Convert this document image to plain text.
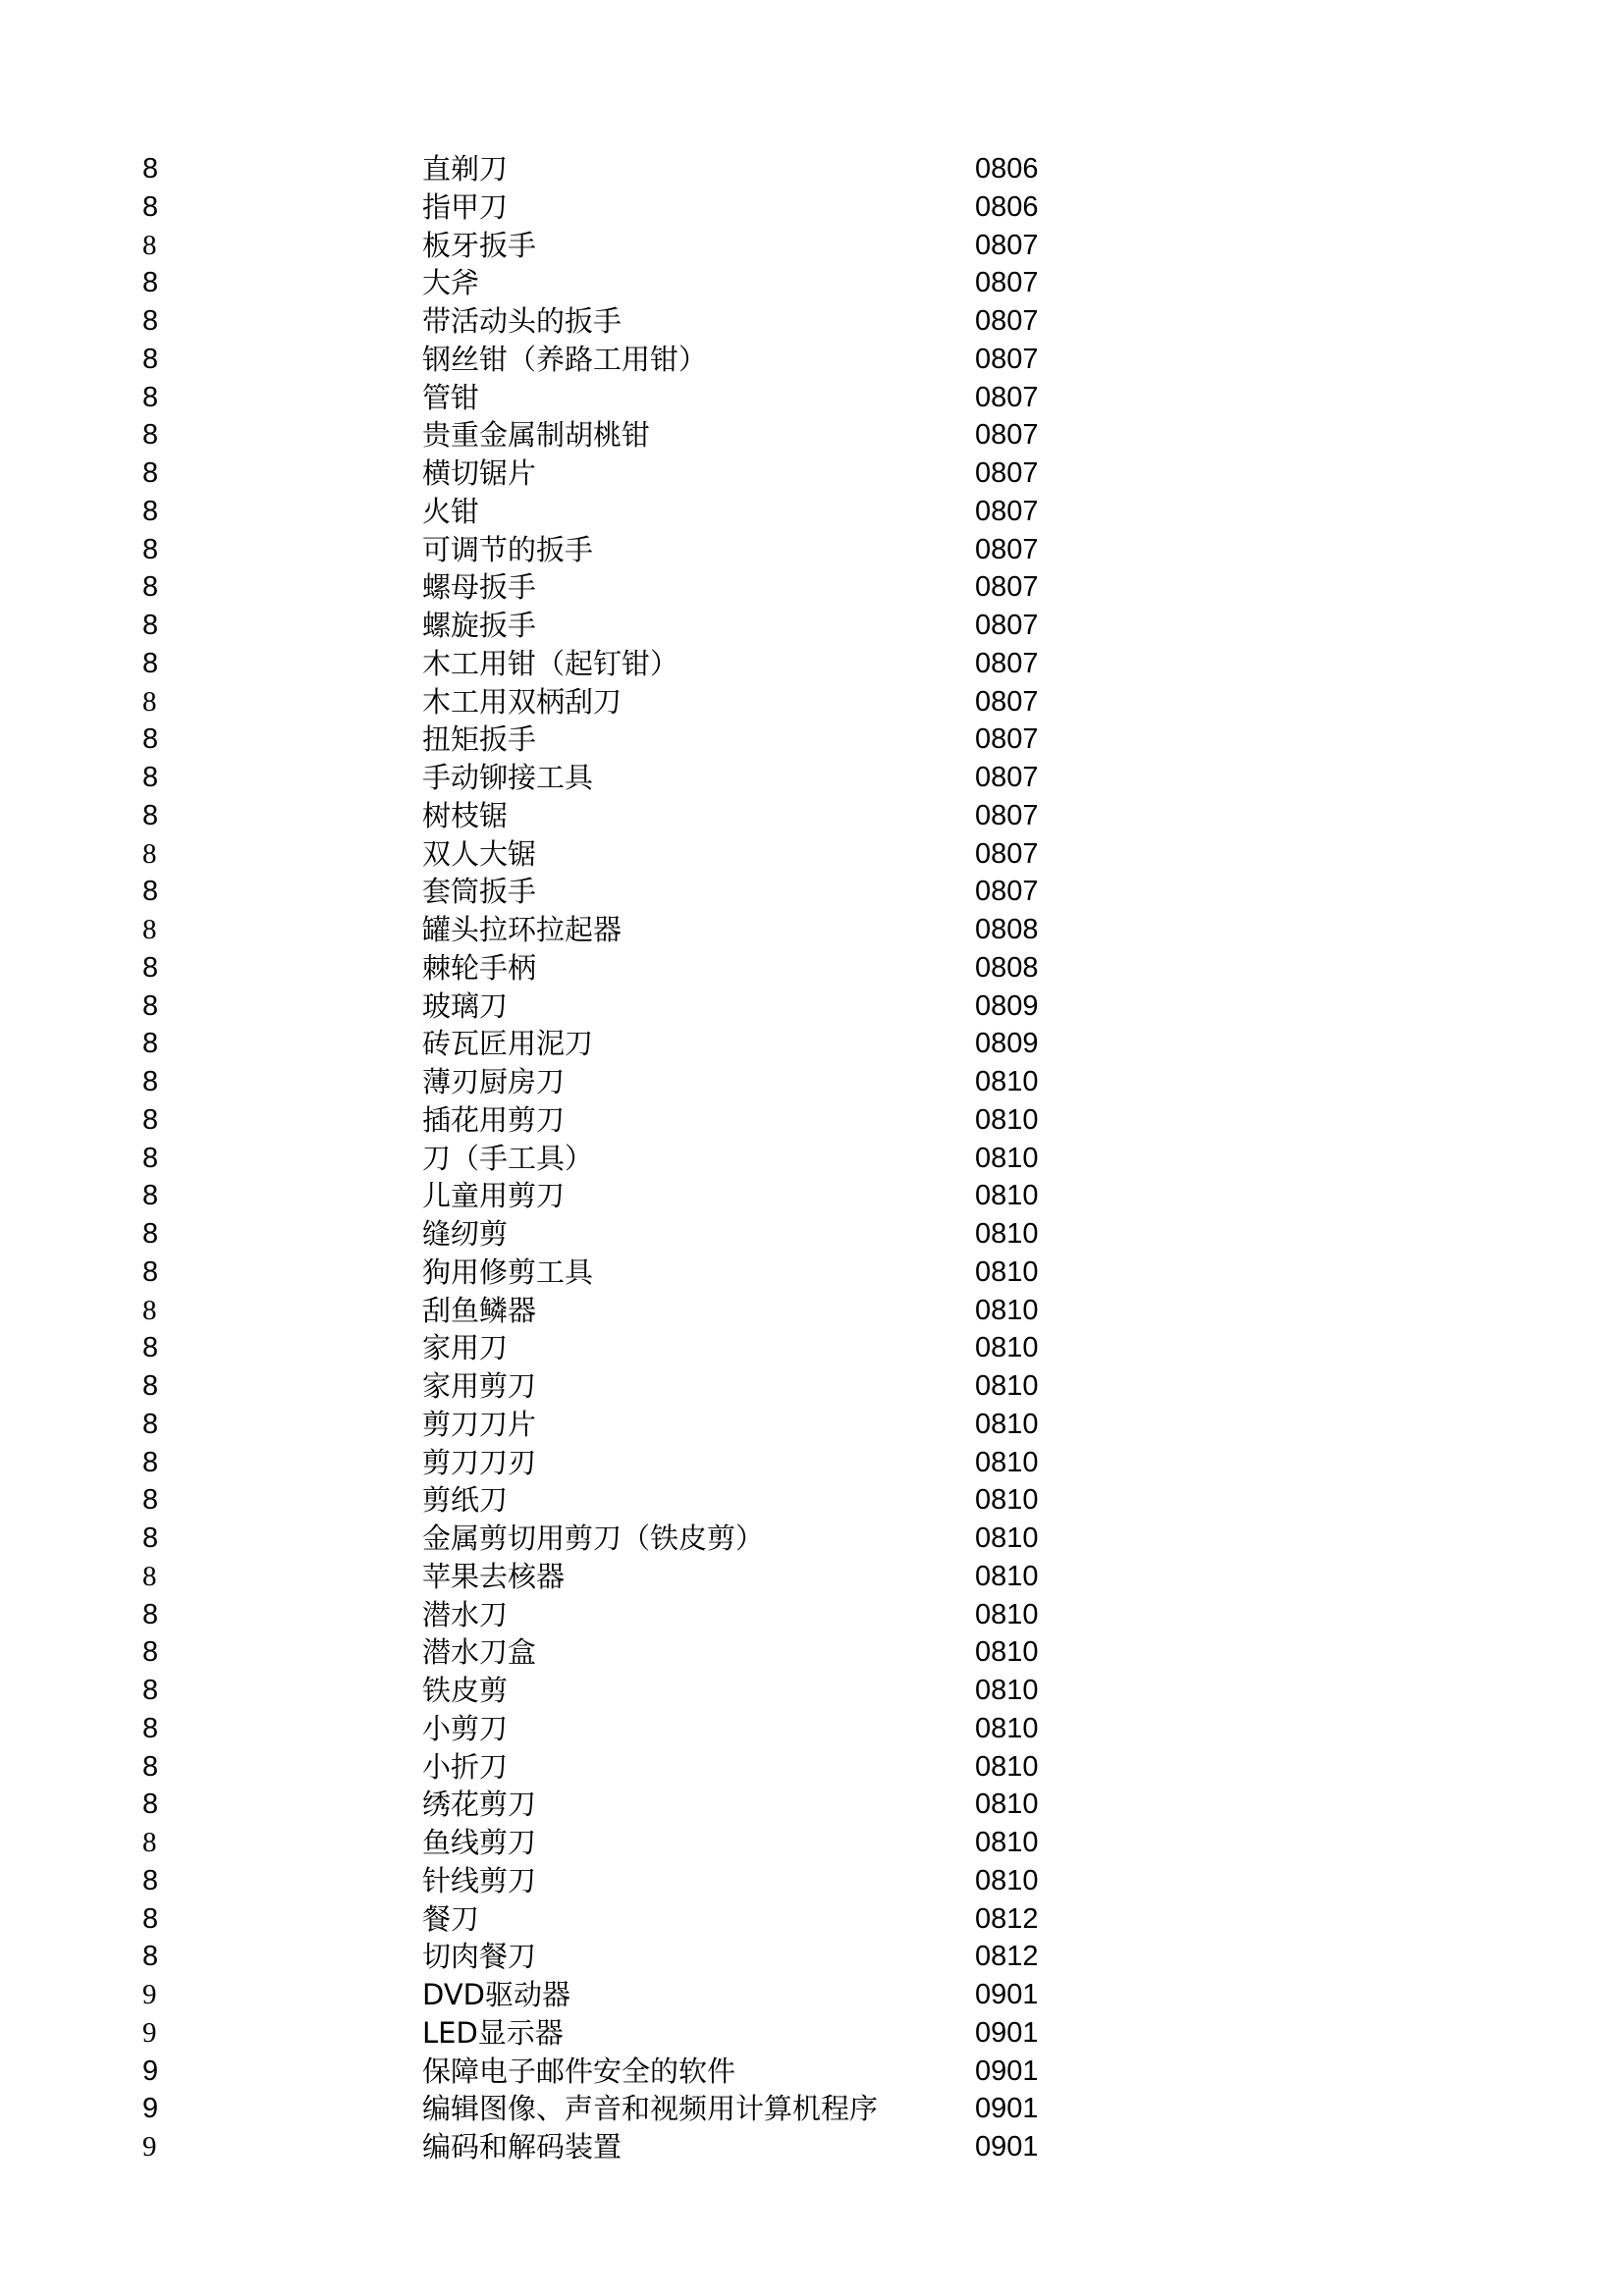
8	直剃刀	0806
8	指甲刀	0806
8	板牙扳手	0807
8	大斧	0807
8	带活动头的扳手	0807
8	钢丝钳（养路工用钳）	0807
8	管钳	0807
8	贵重金属制胡桃钳	0807
8	横切锯片	0807
8	火钳	0807
8	可调节的扳手	0807
8	螺母扳手	0807
8	螺旋扳手	0807
8	木工用钳（起钉钳）	0807
8	木工用双柄刮刀	0807
8	扭矩扳手	0807
8	手动铆接工具	0807
8	树枝锯	0807
8	双人大锯	0807
8	套筒扳手	0807
8	罐头拉环拉起器	0808
8	棘轮手柄	0808
8	玻璃刀	0809
8	砖瓦匠用泥刀	0809
8	薄刃厨房刀	0810
8	插花用剪刀	0810
8	刀（手工具）	0810
8	儿童用剪刀	0810
8	缝纫剪	0810
8	狗用修剪工具	0810
8	刮鱼鳞器	0810
8	家用刀	0810
8	家用剪刀	0810
8	剪刀刀片	0810
8	剪刀刀刃	0810
8	剪纸刀	0810
8	金属剪切用剪刀（铁皮剪）	0810
8	苹果去核器	0810
8	潜水刀	0810
8	潜水刀盒	0810
8	铁皮剪	0810
8	小剪刀	0810
8	小折刀	0810
8	绣花剪刀	0810
8	鱼线剪刀	0810
8	针线剪刀	0810
8	餐刀	0812
8	切肉餐刀	0812
9	DVD驱动器	0901
9	LED显示器	0901
9	保障电子邮件安全的软件	0901
9	编辑图像、声音和视频用计算机程序	0901
9	编码和解码装置	0901
